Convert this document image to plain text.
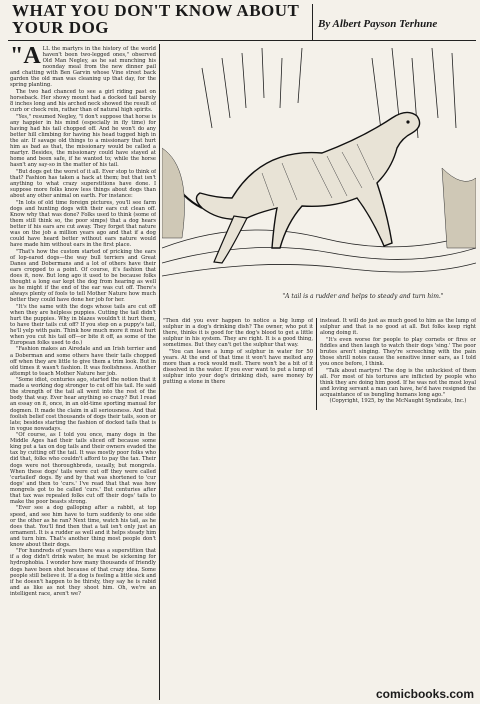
WHAT YOU DON'T KNOW ABOUT YOUR DOG	By Albert Payson Terhune

"ALL the martyrs in the history of the world haven't been two-legged ones," observed Old Man Negley, as he sat munching his noonday meal from the new dinner pail and chatting with Ben Garvin whose Vine street back garden the old man was cleaning up that day, for the spring planting.

The two had chanced to see a girl riding past on horseback. Her showy mount had a docked tail barely 8 inches long and his arched neck showed the result of curb or check rein, rather than of natural high spirits.

"Yes," resumed Negley, "I don't suppose that horse is any happier in his mind (especially in fly time) for having had his tail chopped off. And he won't do any better hill climbing for having his head tugged high in the air. If savage old things to a missionary that hurt him as bad as that, the missionary would be called a martyr. Besides, the missionary could have stayed at home and been safe, if he wanted to; while the horse hasn't any say-so in the matter of his tail.

"But dogs get the worst of it all. Ever stop to think of that? Fashion has taken a hack at them; but that isn't anything to what crazy superstitions have done. I suppose more folks know less things about dogs than about any other animal on earth. For instance:

"In lots of old time foreign pictures, you'll see farm dogs and hunting dogs with their ears cut clean off. Know why that was done? Folks used to think (some of them still think so, the poor simps) that a dog hears better if his ears are cut away. They forget that nature was on the job a million years ago and that if a dog could have heard better without ears nature would have made him without ears in the first place.

"That's how the custom started of pricking the ears of lop-eared dogs—the way bull terriers and Great Danes and Dobermans and a lot of others have their ears cropped to a point. Of course, it's fashion that does it, now. But long ago it used to be because folks thought a long ear kept the dog from hearing as well as he might if the end of the ear was cut off. There's always plenty of fools to tell Mother Nature how much better they could have done her job for her.

"It's the same with the dogs whose tails are cut off when they are helpless puppies. Cutting the tail didn't hurt the puppies. Why in blazes wouldn't it hurt them, to have their tails cut off? If you step on a puppy's tail, he'll yelp with pain. Think how much more it must hurt when you cut his tail off—or bite it off, as some of the European folks used to do.)

"Fashion makes an Airedale and an Irish terrier and a Doberman and some others have their tails chopped off when they are little to give them a trim look. But in old times it wasn't fashion. It was foolishness. Another attempt to teach Mother Nature her job.

"Some idiot, centuries ago, started the notion that it made a working dog stronger to cut off his tail. He said the strength of the tail all went into the rest of the body that way. Ever hear anything so crazy? But I read an essay on it, once, in an old-time sporting manual for dogmen. It made the claim in all seriousness. And that foolish belief cost thousands of dogs their tails, soon or late; besides starting the fashion of docked tails that is in vogue nowadays.

"Of course, as I told you once, many dogs in the Middle Ages had their tails sliced off because some king put a tax on dog tails and their owners evaded the tax by cutting off the tail. It was mostly poor folks who did that, folks who couldn't afford to pay the tax. Their dogs were not thoroughbreds, usually, but mongrels. When these dogs' tails were cut off they were called 'curtailed' dogs. By and by that was shortened to 'cur dogs' and then to 'curs.' I've read that that was how mongrels got to be called 'curs.' But centuries after that tax was repealed folks cut off their dogs' tails to make the poor beasts strong.

"Ever see a dog galloping after a rabbit, at top speed, and see him have to turn suddenly to one side or the other as he ran? Next time, watch his tail, as he does that. You'll find then that a tail isn't only just an ornament. It is a rudder as well and it helps steady him and turn him. That's another thing most people don't know about their dogs.

"For hundreds of years there was a superstition that if a dog didn't drink water, he must be sickening for hydrophobia. I wonder how many thousands of friendly dogs have been shot because of that crazy idea. Some people still believe it. If a dog is feeling a little sick and if he doesn't happen to be thirsty, they say he is rabid and as like as not they shoot him. Oh, we're an intelligent race, aren't we?

"A tail is a rudder and helps to steady and turn him."

"Then did you ever happen to notice a big lump of sulphur in a dog's drinking dish? The owner, who put it there, thinks it is good for the dog's blood to get a little sulphur in his system. They are right. It is a good thing, sometimes. But they can't get the sulphur that way.

"You can leave a lump of sulphur in water for 50 years. At the end of that time it won't have melted any more than a rock would melt. There won't be a bit of it dissolved in the water. If you ever want to put a lump of sulphur into your dog's drinking dish, save money by putting a stone in there

instead. It will do just as much good to him as the lump of sulphur and that is no good at all. But folks keep right along doing it.

"It's even worse for people to play cornets or fires or fiddles and then laugh to watch their dogs 'sing.' The poor brutes aren't singing. They're screeching with the pain those shrill notes cause the sensitive inner ears, as I told you once before, I think.

"Talk about martyrs! The dog is the unluckiest of them all. For most of his tortures are inflicted by people who think they are doing him good. If he was not the most loyal and loving servant a man can have, he'd have resigned the acquaintance of us bungling humans long ago."

(Copyright, 1925, by the McNaught Syndicate, Inc.)

comicbooks.com
